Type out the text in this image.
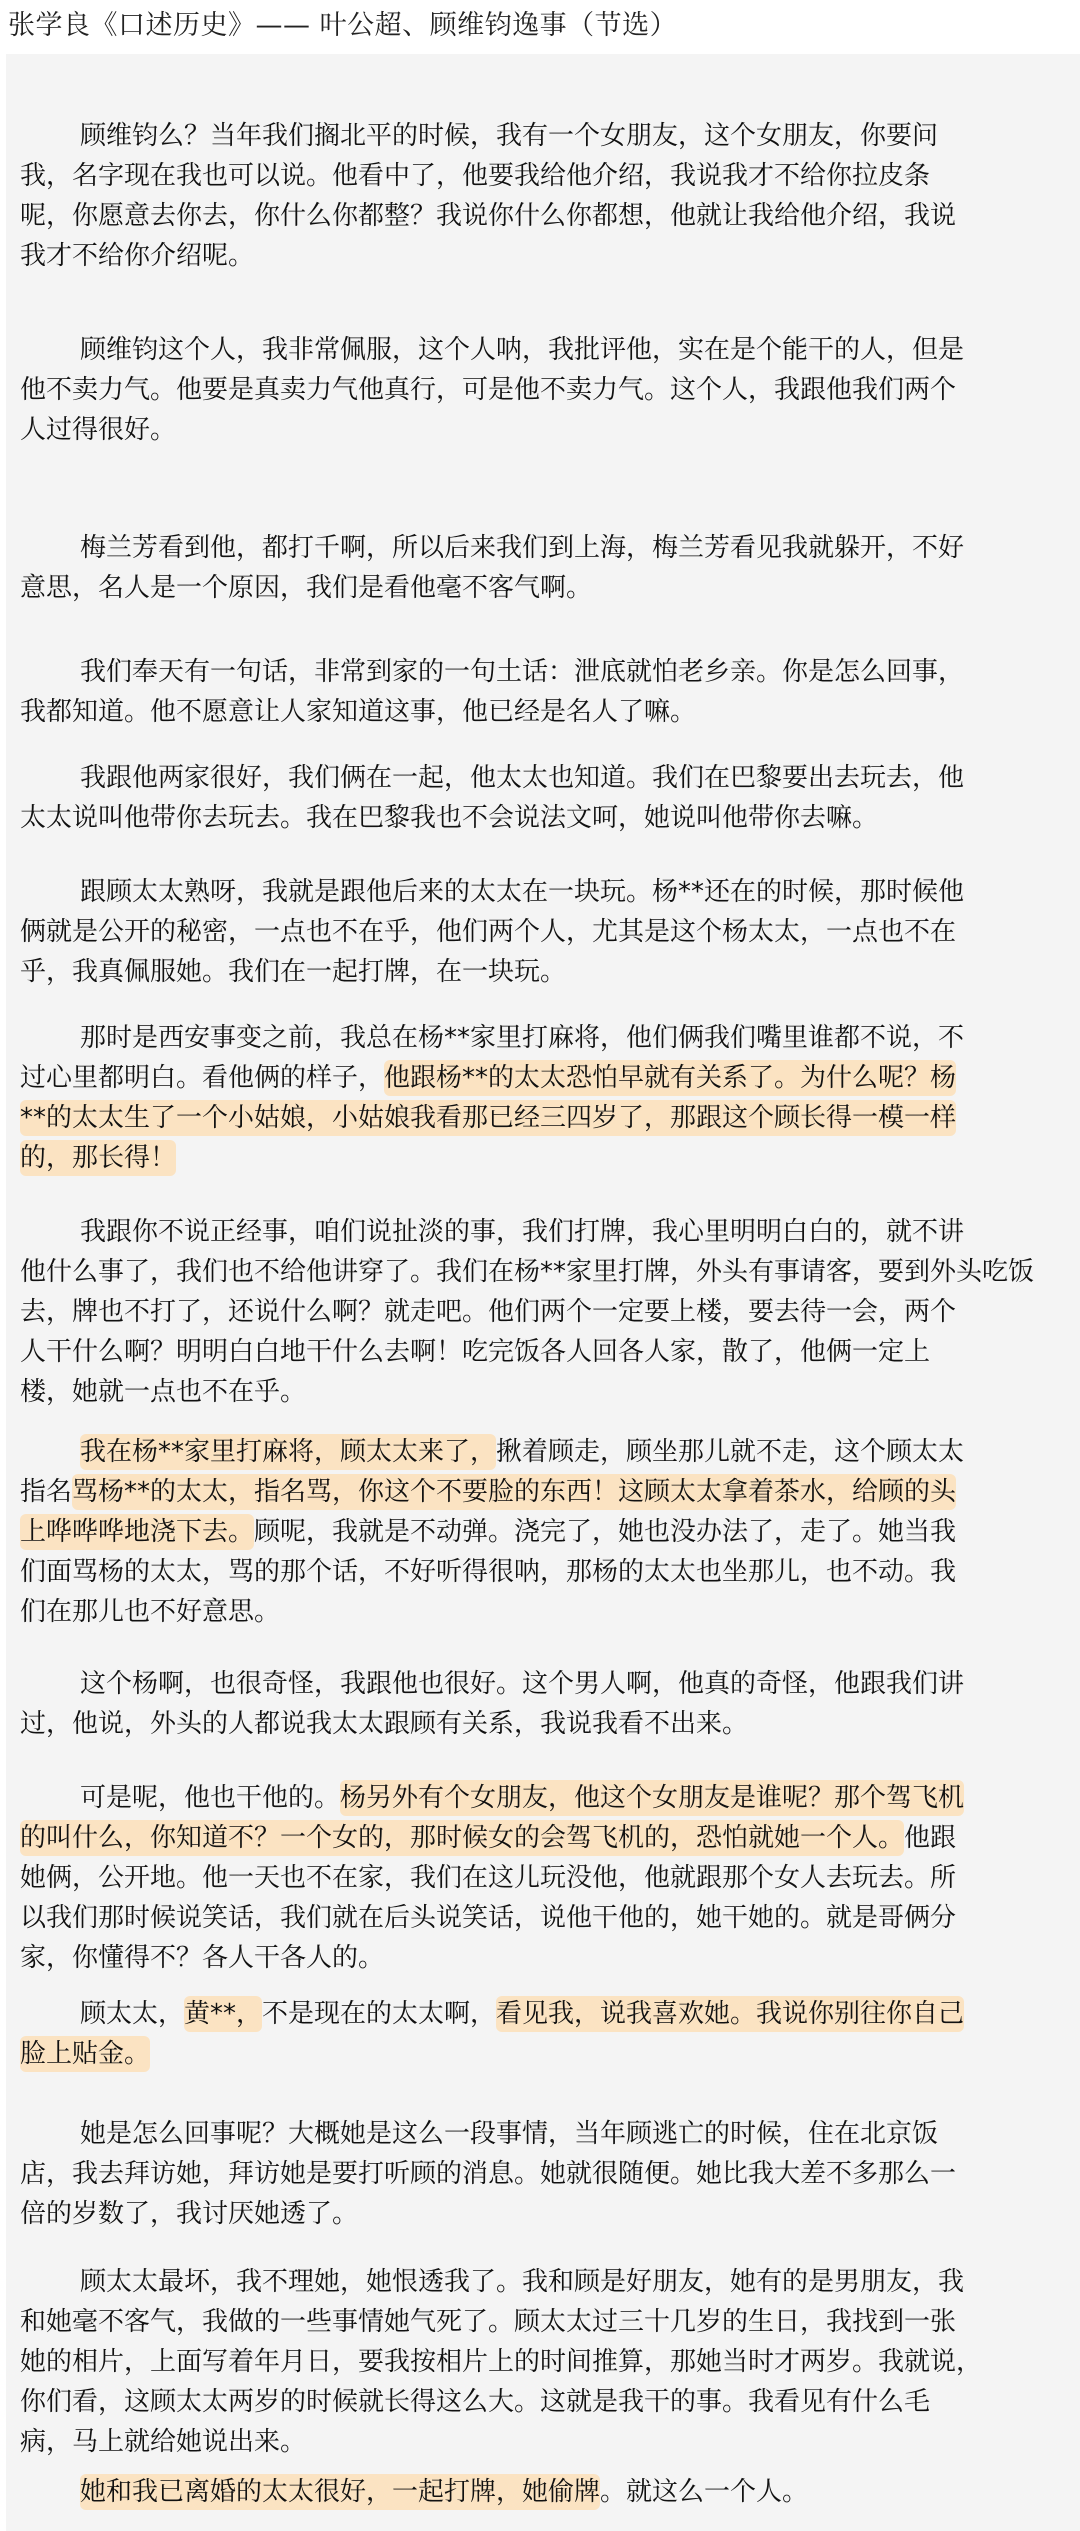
张学良《口述历史》—— 叶公超、顾维钧逸事（节选）

顾维钧么？当年我们搁北平的时候，我有一个女朋友，这个女朋友，你要问
我，名字现在我也可以说。他看中了，他要我给他介绍，我说我才不给你拉皮条
呢，你愿意去你去，你什么你都整？我说你什么你都想，他就让我给他介绍，我说
我才不给你介绍呢。

顾维钧这个人，我非常佩服，这个人呐，我批评他，实在是个能干的人，但是
他不卖力气。他要是真卖力气他真行，可是他不卖力气。这个人，我跟他我们两个
人过得很好。

梅兰芳看到他，都打千啊，所以后来我们到上海，梅兰芳看见我就躲开，不好
意思，名人是一个原因，我们是看他毫不客气啊。

我们奉天有一句话，非常到家的一句土话：泄底就怕老乡亲。你是怎么回事，
我都知道。他不愿意让人家知道这事，他已经是名人了嘛。

我跟他两家很好，我们俩在一起，他太太也知道。我们在巴黎要出去玩去，他
太太说叫他带你去玩去。我在巴黎我也不会说法文呵，她说叫他带你去嘛。

跟顾太太熟呀，我就是跟他后来的太太在一块玩。杨**还在的时候，那时候他
俩就是公开的秘密，一点也不在乎，他们两个人，尤其是这个杨太太，一点也不在
乎，我真佩服她。我们在一起打牌，在一块玩。

那时是西安事变之前，我总在杨**家里打麻将，他们俩我们嘴里谁都不说，不
过心里都明白。看他俩的样子，他跟杨**的太太恐怕早就有关系了。为什么呢？杨
**的太太生了一个小姑娘，小姑娘我看那已经三四岁了，那跟这个顾长得一模一样
的，那长得！

我跟你不说正经事，咱们说扯淡的事，我们打牌，我心里明明白白的，就不讲
他什么事了，我们也不给他讲穿了。我们在杨**家里打牌，外头有事请客，要到外头吃饭
去，牌也不打了，还说什么啊？就走吧。他们两个一定要上楼，要去待一会，两个
人干什么啊？明明白白地干什么去啊！吃完饭各人回各人家，散了，他俩一定上
楼，她就一点也不在乎。

我在杨**家里打麻将，顾太太来了，揪着顾走，顾坐那儿就不走，这个顾太太
指名骂杨**的太太，指名骂，你这个不要脸的东西！这顾太太拿着茶水，给顾的头
上哗哗哗地浇下去。顾呢，我就是不动弹。浇完了，她也没办法了，走了。她当我
们面骂杨的太太，骂的那个话，不好听得很呐，那杨的太太也坐那儿，也不动。我
们在那儿也不好意思。

这个杨啊，也很奇怪，我跟他也很好。这个男人啊，他真的奇怪，他跟我们讲
过，他说，外头的人都说我太太跟顾有关系，我说我看不出来。

可是呢，他也干他的。杨另外有个女朋友，他这个女朋友是谁呢？那个驾飞机
的叫什么，你知道不？一个女的，那时候女的会驾飞机的，恐怕就她一个人。他跟
她俩，公开地。他一天也不在家，我们在这儿玩没他，他就跟那个女人去玩去。所
以我们那时候说笑话，我们就在后头说笑话，说他干他的，她干她的。就是哥俩分
家，你懂得不？各人干各人的。

顾太太，黄**，不是现在的太太啊，看见我，说我喜欢她。我说你别往你自己
脸上贴金。

她是怎么回事呢？大概她是这么一段事情，当年顾逃亡的时候，住在北京饭
店，我去拜访她，拜访她是要打听顾的消息。她就很随便。她比我大差不多那么一
倍的岁数了，我讨厌她透了。

顾太太最坏，我不理她，她恨透我了。我和顾是好朋友，她有的是男朋友，我
和她毫不客气，我做的一些事情她气死了。顾太太过三十几岁的生日，我找到一张
她的相片，上面写着年月日，要我按相片上的时间推算，那她当时才两岁。我就说，
你们看，这顾太太两岁的时候就长得这么大。这就是我干的事。我看见有什么毛
病，马上就给她说出来。

她和我已离婚的太太很好，一起打牌，她偷牌。就这么一个人。
